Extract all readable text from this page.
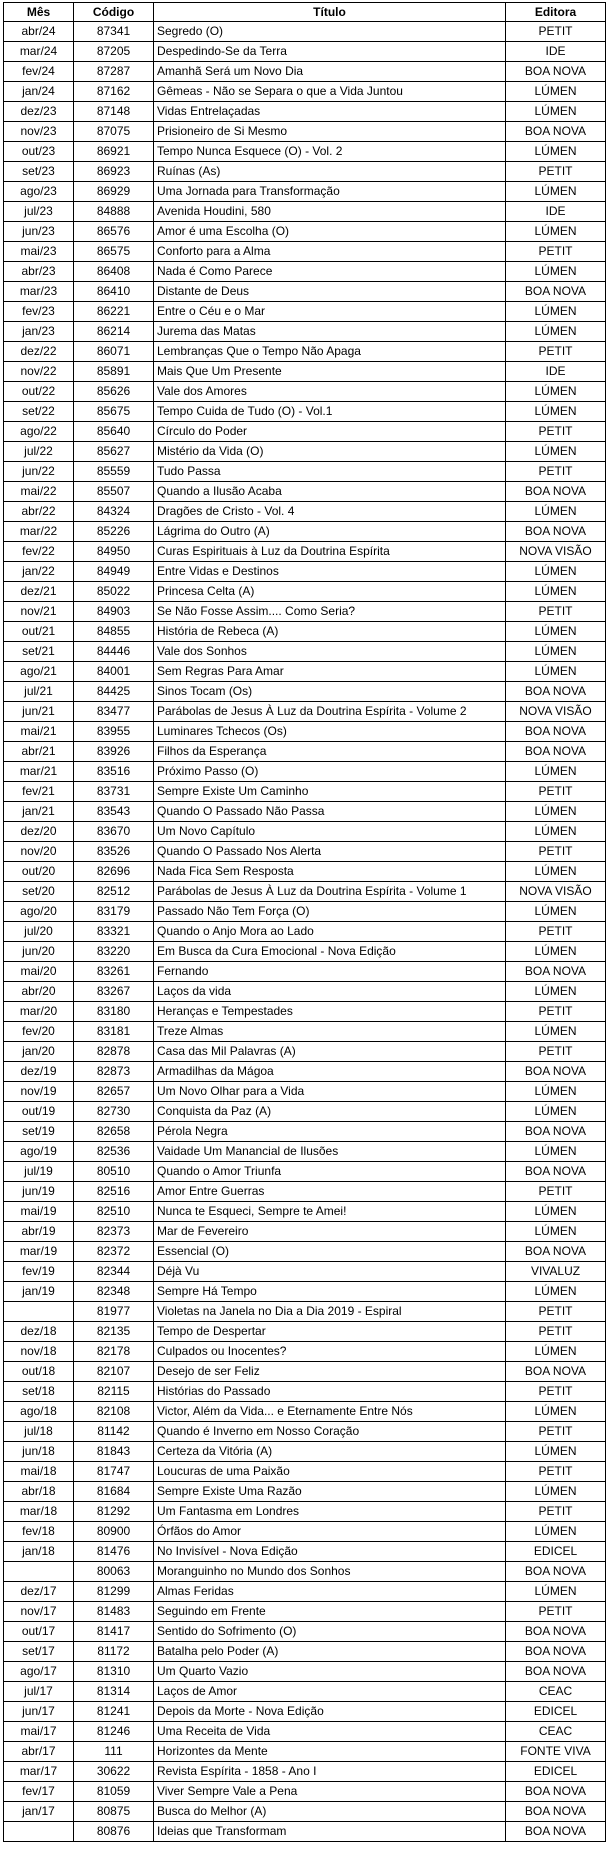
Mês	Código	Título	Editora
abr/24	87341	Segredo (O)	PETIT
mar/24	87205	Despedindo-Se da Terra	IDE
fev/24	87287	Amanhã Será um Novo Dia	BOA NOVA
jan/24	87162	Gêmeas - Não se Separa o que a Vida Juntou	LÚMEN
dez/23	87148	Vidas Entrelaçadas	LÚMEN
nov/23	87075	Prisioneiro de Si Mesmo	BOA NOVA
out/23	86921	Tempo Nunca Esquece (O) - Vol. 2	LÚMEN
set/23	86923	Ruínas (As)	PETIT
ago/23	86929	Uma Jornada para Transformação	LÚMEN
jul/23	84888	Avenida Houdini, 580	IDE
jun/23	86576	Amor é uma Escolha (O)	LÚMEN
mai/23	86575	Conforto para a Alma	PETIT
abr/23	86408	Nada é Como Parece	LÚMEN
mar/23	86410	Distante de Deus	BOA NOVA
fev/23	86221	Entre o Céu e o Mar	LÚMEN
jan/23	86214	Jurema das Matas	LÚMEN
dez/22	86071	Lembranças Que o Tempo Não Apaga	PETIT
nov/22	85891	Mais Que Um Presente	IDE
out/22	85626	Vale dos Amores	LÚMEN
set/22	85675	Tempo Cuida de Tudo (O) - Vol.1	LÚMEN
ago/22	85640	Círculo do Poder	PETIT
jul/22	85627	Mistério da Vida (O)	LÚMEN
jun/22	85559	Tudo Passa	PETIT
mai/22	85507	Quando a Ilusão Acaba	BOA NOVA
abr/22	84324	Dragões de Cristo - Vol. 4	LÚMEN
mar/22	85226	Lágrima do Outro (A)	BOA NOVA
fev/22	84950	Curas Espirituais à Luz da Doutrina Espírita	NOVA VISÃO
jan/22	84949	Entre Vidas e Destinos	LÚMEN
dez/21	85022	Princesa Celta (A)	LÚMEN
nov/21	84903	Se Não Fosse Assim.... Como Seria?	PETIT
out/21	84855	História de Rebeca (A)	LÚMEN
set/21	84446	Vale dos Sonhos	LÚMEN
ago/21	84001	Sem Regras Para Amar	LÚMEN
jul/21	84425	Sinos Tocam (Os)	BOA NOVA
jun/21	83477	Parábolas de Jesus À Luz da Doutrina Espírita - Volume 2	NOVA VISÃO
mai/21	83955	Luminares Tchecos (Os)	BOA NOVA
abr/21	83926	Filhos da Esperança	BOA NOVA
mar/21	83516	Próximo Passo (O)	LÚMEN
fev/21	83731	Sempre Existe Um Caminho	PETIT
jan/21	83543	Quando O Passado Não Passa	LÚMEN
dez/20	83670	Um Novo Capítulo	LÚMEN
nov/20	83526	Quando O Passado Nos Alerta	PETIT
out/20	82696	Nada Fica Sem Resposta	LÚMEN
set/20	82512	Parábolas de Jesus À Luz da Doutrina Espírita - Volume 1	NOVA VISÃO
ago/20	83179	Passado Não Tem Força (O)	LÚMEN
jul/20	83321	Quando o Anjo Mora ao Lado	PETIT
jun/20	83220	Em Busca da Cura Emocional - Nova Edição	LÚMEN
mai/20	83261	Fernando	BOA NOVA
abr/20	83267	Laços da vida	LÚMEN
mar/20	83180	Heranças e Tempestades	PETIT
fev/20	83181	Treze Almas	LÚMEN
jan/20	82878	Casa das Mil Palavras (A)	PETIT
dez/19	82873	Armadilhas da Mágoa	BOA NOVA
nov/19	82657	Um Novo Olhar para a Vida	LÚMEN
out/19	82730	Conquista da Paz (A)	LÚMEN
set/19	82658	Pérola Negra	BOA NOVA
ago/19	82536	Vaidade Um Manancial de Ilusões	LÚMEN
jul/19	80510	Quando o Amor Triunfa	BOA NOVA
jun/19	82516	Amor Entre Guerras	PETIT
mai/19	82510	Nunca te Esqueci, Sempre te Amei!	LÚMEN
abr/19	82373	Mar de Fevereiro	LÚMEN
mar/19	82372	Essencial (O)	BOA NOVA
fev/19	82344	Déjà Vu	VIVALUZ
jan/19	82348	Sempre Há Tempo	LÚMEN
	81977	Violetas na Janela no Dia a Dia 2019 - Espiral	PETIT
dez/18	82135	Tempo de Despertar	PETIT
nov/18	82178	Culpados ou Inocentes?	LÚMEN
out/18	82107	Desejo de ser Feliz	BOA NOVA
set/18	82115	Histórias do Passado	PETIT
ago/18	82108	Victor, Além da Vida... e Eternamente Entre Nós	LÚMEN
jul/18	81142	Quando é Inverno em Nosso Coração	PETIT
jun/18	81843	Certeza da Vitória (A)	LÚMEN
mai/18	81747	Loucuras de uma Paixão	PETIT
abr/18	81684	Sempre Existe Uma Razão	LÚMEN
mar/18	81292	Um Fantasma em Londres	PETIT
fev/18	80900	Órfãos do Amor	LÚMEN
jan/18	81476	No Invisível - Nova Edição	EDICEL
	80063	Moranguinho no Mundo dos Sonhos	BOA NOVA
dez/17	81299	Almas Feridas	LÚMEN
nov/17	81483	Seguindo em Frente	PETIT
out/17	81417	Sentido do Sofrimento (O)	BOA NOVA
set/17	81172	Batalha pelo Poder (A)	BOA NOVA
ago/17	81310	Um Quarto Vazio	BOA NOVA
jul/17	81314	Laços de Amor	CEAC
jun/17	81241	Depois da Morte - Nova Edição	EDICEL
mai/17	81246	Uma Receita de Vida	CEAC
abr/17	111	Horizontes da Mente	FONTE VIVA
mar/17	30622	Revista Espírita - 1858 - Ano I	EDICEL
fev/17	81059	Viver Sempre Vale a Pena	BOA NOVA
jan/17	80875	Busca do Melhor (A)	BOA NOVA
	80876	Ideias que Transformam	BOA NOVA
